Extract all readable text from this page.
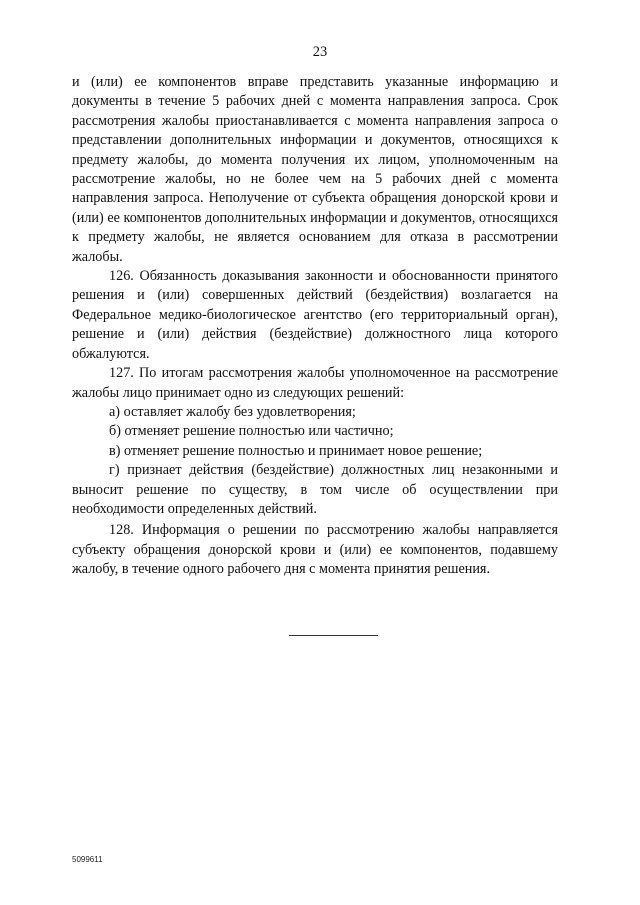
23

и (или) ее компонентов вправе представить указанные информацию и документы в течение 5 рабочих дней с момента направления запроса. Срок рассмотрения жалобы приостанавливается с момента направления запроса о представлении дополнительных информации и документов, относящихся к предмету жалобы, до момента получения их лицом, уполномоченным на рассмотрение жалобы, но не более чем на 5 рабочих дней с момента направления запроса. Неполучение от субъекта обращения донорской крови и (или) ее компонентов дополнительных информации и документов, относящихся к предмету жалобы, не является основанием для отказа в рассмотрении жалобы.

126. Обязанность доказывания законности и обоснованности принятого решения и (или) совершенных действий (бездействия) возлагается на Федеральное медико-биологическое агентство (его территориальный орган), решение и (или) действия (бездействие) должностного лица которого обжалуются.

127. По итогам рассмотрения жалобы уполномоченное на рассмотрение жалобы лицо принимает одно из следующих решений:

а) оставляет жалобу без удовлетворения;

б) отменяет решение полностью или частично;

в) отменяет решение полностью и принимает новое решение;

г) признает действия (бездействие) должностных лиц незаконными и выносит решение по существу, в том числе об осуществлении при необходимости определенных действий.

128. Информация о решении по рассмотрению жалобы направляется субъекту обращения донорской крови и (или) ее компонентов, подавшему жалобу, в течение одного рабочего дня с момента принятия решения.

5099611
